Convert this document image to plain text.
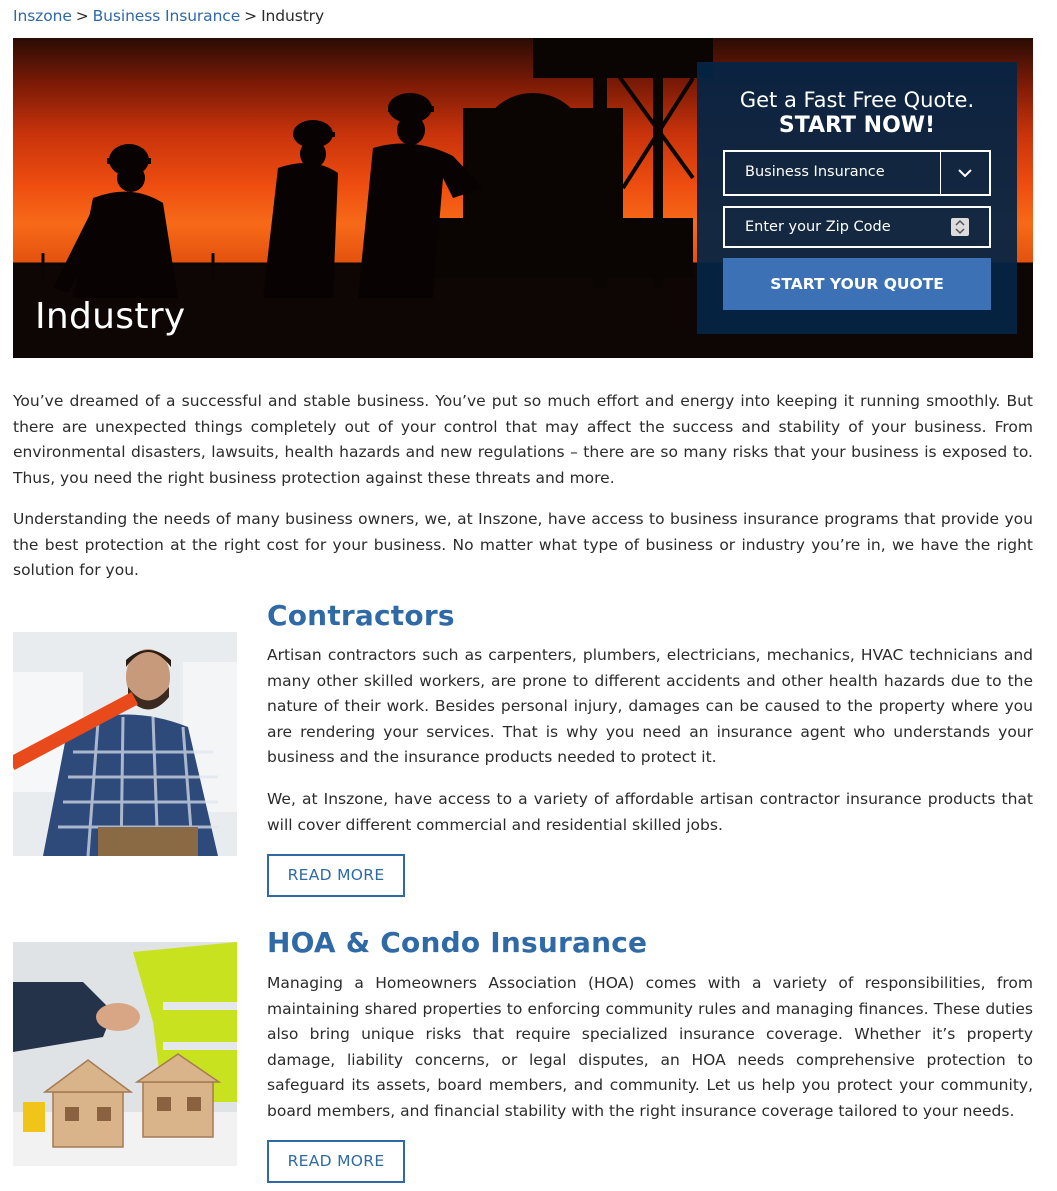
Inszone > Business Insurance > Industry
Industry
Get a Fast Free Quote.
START NOW!
Business Insurance
Enter your Zip Code
START YOUR QUOTE

You’ve dreamed of a successful and stable business. You’ve put so much effort and energy into keeping it running smoothly. But there are unexpected things completely out of your control that may affect the success and stability of your business. From environmental disasters, lawsuits, health hazards and new regulations – there are so many risks that your business is exposed to. Thus, you need the right business protection against these threats and more.

Understanding the needs of many business owners, we, at Inszone, have access to business insurance programs that provide you the best protection at the right cost for your business. No matter what type of business or industry you’re in, we have the right solution for you.

Contractors

Artisan contractors such as carpenters, plumbers, electricians, mechanics, HVAC technicians and many other skilled workers, are prone to different accidents and other health hazards due to the nature of their work. Besides personal injury, damages can be caused to the property where you are rendering your services. That is why you need an insurance agent who understands your business and the insurance products needed to protect it.

We, at Inszone, have access to a variety of affordable artisan contractor insurance products that will cover different commercial and residential skilled jobs.

READ MORE
HOA & Condo Insurance

Managing a Homeowners Association (HOA) comes with a variety of responsibilities, from maintaining shared properties to enforcing community rules and managing finances. These duties also bring unique risks that require specialized insurance coverage. Whether it’s property damage, liability concerns, or legal disputes, an HOA needs comprehensive protection to safeguard its assets, board members, and community. Let us help you protect your community, board members, and financial stability with the right insurance coverage tailored to your needs.

READ MORE
